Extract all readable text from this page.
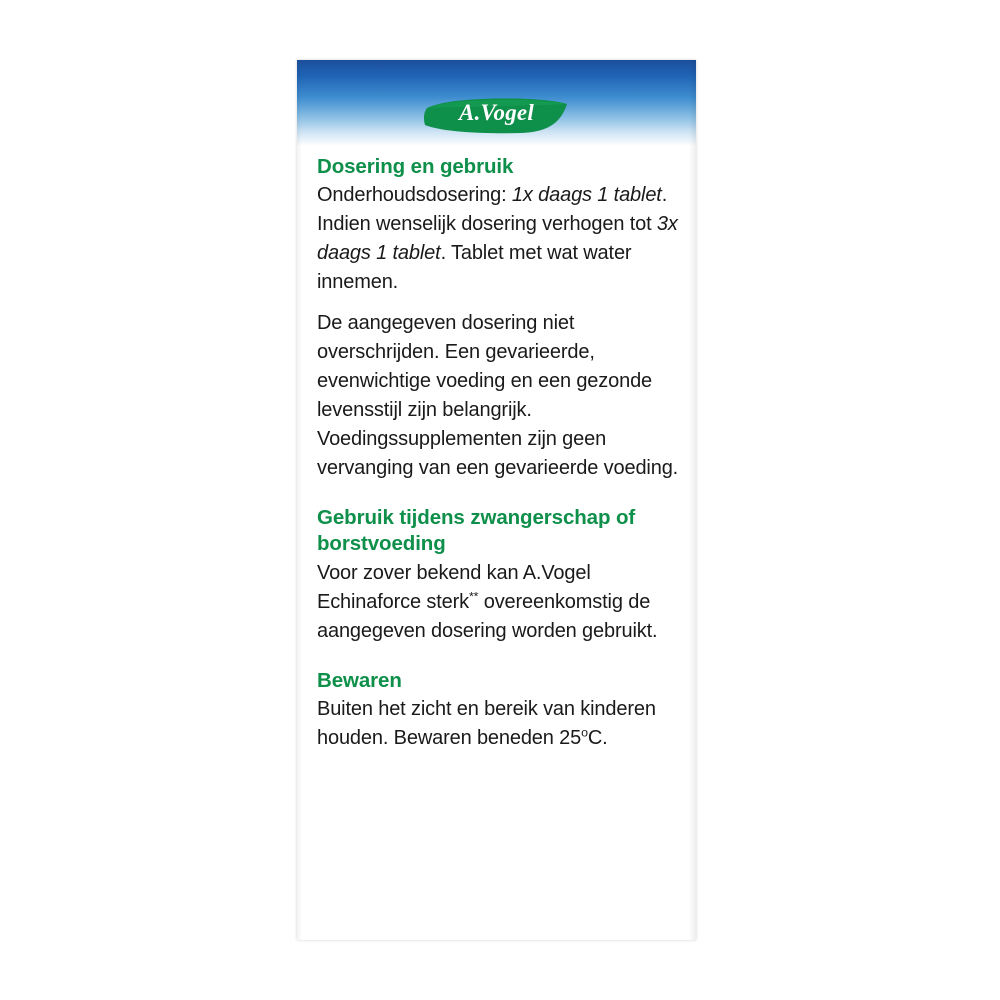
A.Vogel
Dosering en gebruik
Onderhoudsdosering: 1x daags 1 tablet. Indien wenselijk dosering verhogen tot 3x daags 1 tablet. Tablet met wat water innemen.
De aangegeven dosering niet overschrijden. Een gevarieerde, evenwichtige voeding en een gezonde levensstijl zijn belangrijk. Voedingssupplementen zijn geen vervanging van een gevarieerde voeding.
Gebruik tijdens zwangerschap of borstvoeding
Voor zover bekend kan A.Vogel Echinaforce sterk** overeenkomstig de aangegeven dosering worden gebruikt.
Bewaren
Buiten het zicht en bereik van kinderen houden. Bewaren beneden 25$^o$C.
